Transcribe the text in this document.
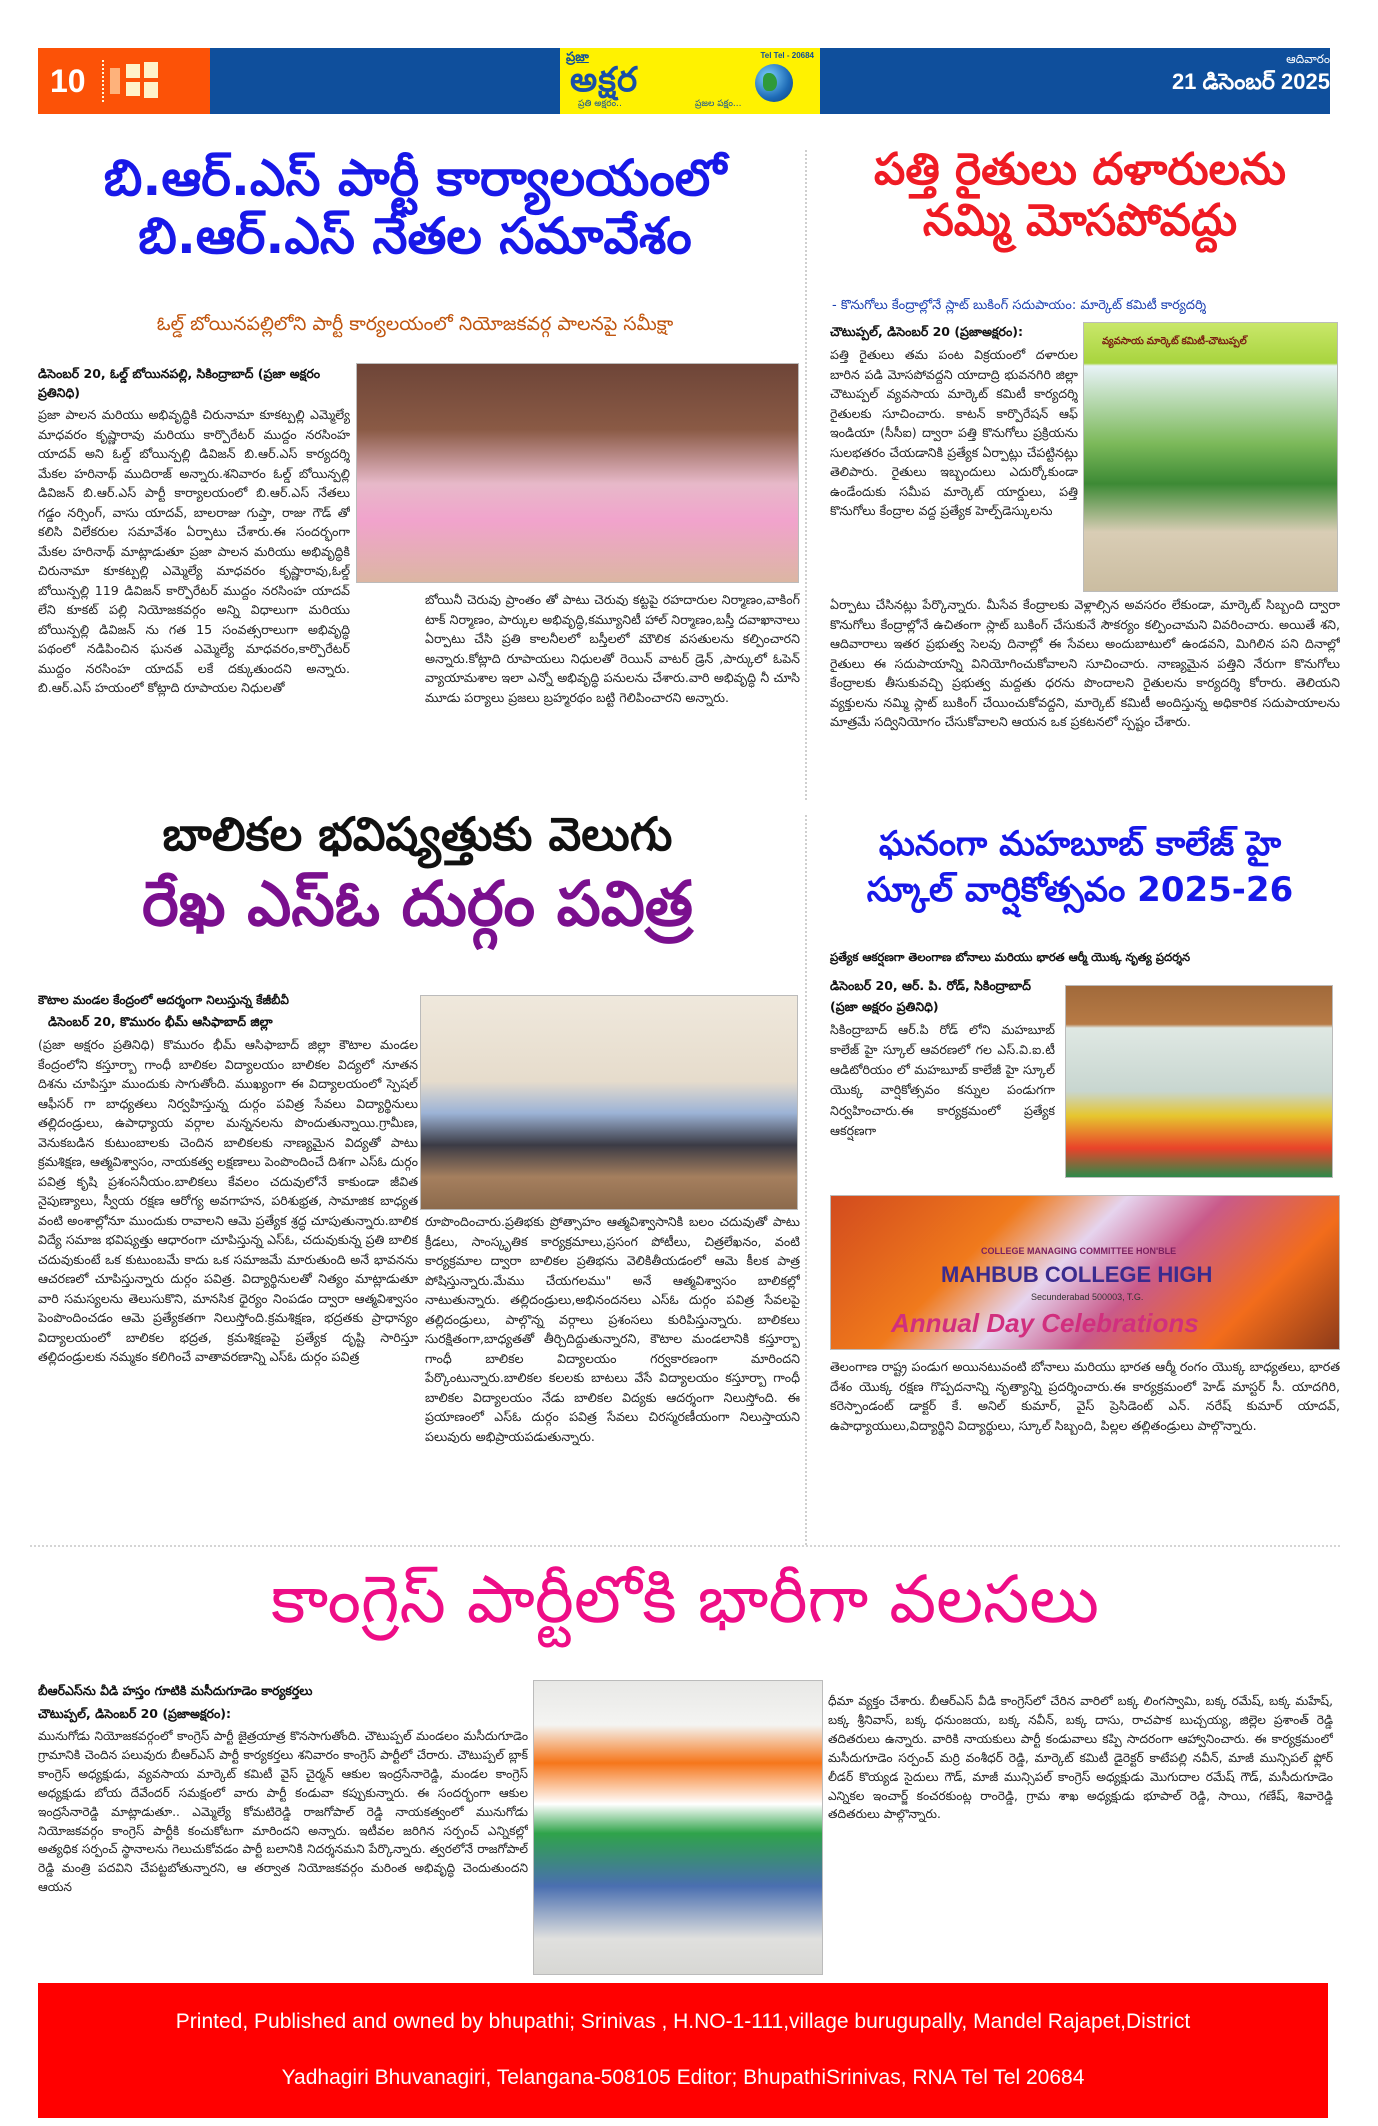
10
ప్రజా	Tel Tel - 20684
అక్షర
ప్రతి అక్షరం..	ప్రజల పక్షం...
ఆదివారం
21 డిసెంబర్ 2025
బి.ఆర్.ఎస్ పార్టీ కార్యాలయంలో
బి.ఆర్.ఎస్ నేతల సమావేశం
ఓల్డ్ బోయినపల్లిలోని పార్టీ కార్యలయంలో నియోజకవర్గ పాలనపై సమీక్షా
డిసెంబర్ 20, ఓల్డ్ బోయినపల్లి, సికింద్రాబాద్ (ప్రజా అక్షరం ప్రతినిధి)
ప్రజా పాలన మరియు అభివృద్ధికి చిరునామా కూకట్పల్లి ఎమ్మెల్యే మాధవరం కృష్ణారావు మరియు కార్పొరేటర్ ముద్దం నరసింహ యాదవ్ అని ఓల్డ్ బోయిన్పల్లి డివిజన్ బి.ఆర్.ఎస్ కార్యదర్శి మేకల హరినాథ్ ముదిరాజ్ అన్నారు.శనివారం ఓల్డ్ బోయిన్పల్లి డివిజన్ బి.ఆర్.ఎస్ పార్టీ కార్యాలయంలో బి.ఆర్.ఎస్ నేతలు గడ్డం నర్సింగ్, వాసు యాదవ్, బాలరాజు గుప్తా, రాజు గౌడ్ తో కలిసి విలేకరుల సమావేశం ఏర్పాటు చేశారు.ఈ సందర్భంగా మేకల హరినాథ్ మాట్లాడుతూ ప్రజా పాలన మరియు అభివృద్ధికి చిరునామా కూకట్పల్లి ఎమ్మెల్యే మాధవరం కృష్ణారావు,ఓల్డ్ బోయిన్పల్లి 119 డివిజన్ కార్పొరేటర్ ముద్దం నరసింహ యాదవ్ లేని కూకట్ పల్లి నియోజకవర్గం అన్ని విధాలుగా మరియు బోయిన్పల్లి డివిజన్ ను గత 15 సంవత్సరాలుగా అభివృద్ధి పథంలో నడిపించిన ఘనత ఎమ్మెల్యే మాధవరం,కార్పొరేటర్ ముద్దం నరసింహ యాదవ్ లకే దక్కుతుందని అన్నారు. బి.ఆర్.ఎస్ హయంలో కోట్లాది రూపాయల నిధులతో
బోయినీ చెరువు ప్రాంతం తో పాటు చెరువు కట్టపై రహదారుల నిర్మాణం,వాకింగ్ టాక్ నిర్మాణం, పార్కుల అభివృద్ధి,కమ్యూనిటీ హాల్ నిర్మాణం,బస్తీ దవాఖానాలు ఏర్పాటు చేసి ప్రతి కాలనీలలో బస్తీలలో మౌలిక వసతులను కల్పించారని అన్నారు.కోట్లాది రూపాయలు నిధులతో రెయిన్ వాటర్ డ్రెన్ ,పార్కులో ఓపెన్ వ్యాయామశాల ఇలా ఎన్నో అభివృద్ధి పనులను చేశారు.వారి అభివృద్ధి నీ చూసి మూడు పర్యాలు ప్రజలు బ్రహ్మరథం బట్టి గెలిపించారని అన్నారు.
పత్తి రైతులు దళారులను
నమ్మి మోసపోవద్దు
- కొనుగోలు కేంద్రాల్లోనే స్లాట్ బుకింగ్ సదుపాయం: మార్కెట్ కమిటీ కార్యదర్శి
చౌటుప్పల్, డిసెంబర్ 20 (ప్రజాఅక్షరం):
పత్తి రైతులు తమ పంట విక్రయంలో దళారుల బారిన పడి మోసపోవద్దని యాదాద్రి భువనగిరి జిల్లా చౌటుప్పల్ వ్యవసాయ మార్కెట్ కమిటీ కార్యదర్శి రైతులకు సూచించారు. కాటన్ కార్పొరేషన్ ఆఫ్ ఇండియా (సీసీఐ) ద్వారా పత్తి కొనుగోలు ప్రక్రియను సులభతరం చేయడానికి ప్రత్యేక ఏర్పాట్లు చేపట్టినట్లు తెలిపారు. రైతులు ఇబ్బందులు ఎదుర్కోకుండా ఉండేందుకు సమీప మార్కెట్ యార్డులు, పత్తి కొనుగోలు కేంద్రాల వద్ద ప్రత్యేక హెల్ప్‌డెస్కులను
వ్యవసాయ మార్కెట్ కమిటీ-చౌటుప్పల్
ఏర్పాటు చేసినట్లు పేర్కొన్నారు. మీసేవ కేంద్రాలకు వెళ్లాల్సిన అవసరం లేకుండా, మార్కెట్ సిబ్బంది ద్వారా కొనుగోలు కేంద్రాల్లోనే ఉచితంగా స్లాట్ బుకింగ్ చేసుకునే సౌకర్యం కల్పించామని వివరించారు. అయితే శని, ఆదివారాలు ఇతర ప్రభుత్వ సెలవు దినాల్లో ఈ సేవలు అందుబాటులో ఉండవని, మిగిలిన పని దినాల్లో రైతులు ఈ సదుపాయాన్ని వినియోగించుకోవాలని సూచించారు. నాణ్యమైన పత్తిని నేరుగా కొనుగోలు కేంద్రాలకు తీసుకువచ్చి ప్రభుత్వ మద్దతు ధరను పొందాలని రైతులను కార్యదర్శి కోరారు. తెలియని వ్యక్తులను నమ్మి స్లాట్ బుకింగ్ చేయించుకోవద్దని, మార్కెట్ కమిటీ అందిస్తున్న అధికారిక సదుపాయాలను మాత్రమే సద్వినియోగం చేసుకోవాలని ఆయన ఒక ప్రకటనలో స్పష్టం చేశారు.
బాలికల భవిష్యత్తుకు వెలుగు
రేఖ ఎస్ఓ దుర్గం పవిత్ర
కౌటాల మండల కేంద్రంలో ఆదర్శంగా నిలుస్తున్న కేజీబీవీ
డిసెంబర్ 20, కొమురం భీమ్ ఆసిఫాబాద్ జిల్లా
(ప్రజా అక్షరం ప్రతినిధి) కొమురం భీమ్ ఆసిఫాబాద్ జిల్లా కౌటాల మండల కేంద్రంలోని కస్తూర్బా గాంధీ బాలికల విద్యాలయం బాలికల విద్యలో నూతన దిశను చూపిస్తూ ముందుకు సాగుతోంది. ముఖ్యంగా ఈ విద్యాలయంలో స్పెషల్ ఆఫీసర్ గా బాధ్యతలు నిర్వహిస్తున్న దుర్గం పవిత్ర సేవలు విద్యార్థినులు తల్లిదండ్రులు, ఉపాధ్యాయ వర్గాల మన్ననలను పొందుతున్నాయి.గ్రామీణ, వెనుకబడిన కుటుంబాలకు చెందిన బాలికలకు నాణ్యమైన విద్యతో పాటు క్రమశిక్షణ, ఆత్మవిశ్వాసం, నాయకత్వ లక్షణాలు పెంపొందించే దిశగా ఎస్ఓ దుర్గం పవిత్ర కృషి ప్రశంసనీయం.బాలికలు కేవలం చదువులోనే కాకుండా జీవిత నైపుణ్యాలు, స్వీయ రక్షణ ఆరోగ్య అవగాహన, పరిశుభ్రత, సామాజిక బాధ్యత వంటి అంశాల్లోనూ ముందుకు రావాలని ఆమె ప్రత్యేక శ్రద్ధ చూపుతున్నారు.బాలిక విద్యే సమాజ భవిష్యత్తు ఆధారంగా చూపిస్తున్న ఎస్ఓ, చదువుకున్న ప్రతి బాలిక చదువుకుంటే ఒక కుటుంబమే కాదు ఒక సమాజమే మారుతుంది అనే భావనను ఆచరణలో చూపిస్తున్నారు దుర్గం పవిత్ర. విద్యార్థినులతో నిత్యం మాట్లాడుతూ వారి సమస్యలను తెలుసుకొని, మానసిక ధైర్యం నింపడం ద్వారా ఆత్మవిశ్వాసం పెంపొందించడం ఆమె ప్రత్యేకతగా నిలుస్తోంది.క్రమశిక్షణ, భద్రతకు ప్రాధాన్యం విద్యాలయంలో బాలికల భద్రత, క్రమశిక్షణపై ప్రత్యేక దృష్టి సారిస్తూ తల్లిదండ్రులకు నమ్మకం కలిగించే వాతావరణాన్ని ఎస్ఓ దుర్గం పవిత్ర
రూపొందించారు.ప్రతిభకు ప్రోత్సాహం ఆత్మవిశ్వాసానికి బలం చదువుతో పాటు క్రీడలు, సాంస్కృతిక కార్యక్రమాలు,ప్రసంగ పోటీలు, చిత్రలేఖనం, వంటి కార్యక్రమాల ద్వారా బాలికల ప్రతిభను వెలికితీయడంలో ఆమె కీలక పాత్ర పోషిస్తున్నారు.మేము చేయగలము" అనే ఆత్మవిశ్వాసం బాలికల్లో నాటుతున్నారు. తల్లిదండ్రులు,అభినందనలు ఎస్ఓ దుర్గం పవిత్ర సేవలపై తల్లిదండ్రులు, పాల్గొన్న వర్గాలు ప్రశంసలు కురిపిస్తున్నారు. బాలికలు సురక్షితంగా,బాధ్యతతో తీర్చిదిద్దుతున్నారని, కౌటాల మండలానికి కస్తూర్బా గాంధీ బాలికల విద్యాలయం గర్వకారణంగా మారిందని పేర్కొంటున్నారు.బాలికల కలలకు బాటలు వేసే విద్యాలయం కస్తూర్బా గాంధీ బాలికల విద్యాలయం నేడు బాలికల విద్యకు ఆదర్శంగా నిలుస్తోంది. ఈ ప్రయాణంలో ఎస్ఓ దుర్గం పవిత్ర సేవలు చిరస్మరణీయంగా నిలుస్తాయని పలువురు అభిప్రాయపడుతున్నారు.
ఘనంగా మహబూబ్ కాలేజ్ హై
స్కూల్ వార్షికోత్సవం 2025-26
ప్రత్యేక ఆకర్షణగా తెలంగాణ బోనాలు మరియు భారత ఆర్మీ యొక్క నృత్య ప్రదర్శన
డిసెంబర్ 20, ఆర్. పి. రోడ్, సికింద్రాబాద్ (ప్రజా అక్షరం ప్రతినిధి)
సికింద్రాబాద్ ఆర్.పి రోడ్ లోని మహబూబ్ కాలేజ్ హై స్కూల్ ఆవరణలో గల ఎస్.వి.ఐ.టీ ఆడిటోరియం లో మహబూబ్ కాలేజీ హై స్కూల్ యొక్క వార్షికోత్సవం కన్నుల పండుగగా నిర్వహించారు.ఈ కార్యక్రమంలో ప్రత్యేక ఆకర్షణగా
COLLEGE MANAGING COMMITTEE HON'BLE
MAHBUB COLLEGE HIGH
Secunderabad 500003, T.G.
Annual Day Celebrations
తెలంగాణ రాష్ట్ర పండుగ అయినటువంటి బోనాలు మరియు భారత ఆర్మీ రంగం యొక్క బాధ్యతలు, భారత దేశం యొక్క రక్షణ గొప్పదనాన్ని నృత్యాన్ని ప్రదర్శించారు.ఈ కార్యక్రమంలో హెడ్ మాస్టర్ సీ. యాదగిరి, కరెస్పాండంట్ డాక్టర్ కే. అనిల్ కుమార్, వైస్ ప్రెసిడెంట్ ఎన్. నరేష్ కుమార్ యాదవ్, ఉపాధ్యాయులు,విద్యార్థిని విద్యార్థులు, స్కూల్ సిబ్బంది, పిల్లల తల్లితండ్రులు పాల్గొన్నారు.
కాంగ్రెస్ పార్టీలోకి భారీగా వలసలు
బీఆర్ఎస్‌ను వీడి హస్తం గూటికి మసీదుగూడెం కార్యకర్తలు
చౌటుప్పల్, డిసెంబర్ 20 (ప్రజాఅక్షరం):
మునుగోడు నియోజకవర్గంలో కాంగ్రెస్ పార్టీ జైత్రయాత్ర కొనసాగుతోంది. చౌటుప్పల్ మండలం మసీదుగూడెం గ్రామానికి చెందిన పలువురు బీఆర్ఎస్ పార్టీ కార్యకర్తలు శనివారం కాంగ్రెస్ పార్టీలో చేరారు. చౌటుప్పల్ బ్లాక్ కాంగ్రెస్ అధ్యక్షుడు, వ్యవసాయ మార్కెట్ కమిటీ వైస్ చైర్మన్ ఆకుల ఇంద్రసేనారెడ్డి, మండల కాంగ్రెస్ అధ్యక్షుడు బోయ దేవేందర్ సమక్షంలో వారు పార్టీ కండువా కప్పుకున్నారు. ఈ సందర్భంగా ఆకుల ఇంద్రసేనారెడ్డి మాట్లాడుతూ.. ఎమ్మెల్యే కోమటిరెడ్డి రాజగోపాల్ రెడ్డి నాయకత్వంలో మునుగోడు నియోజకవర్గం కాంగ్రెస్ పార్టీకి కంచుకోటగా మారిందని అన్నారు. ఇటీవల జరిగిన సర్పంచ్ ఎన్నికల్లో అత్యధిక సర్పంచ్ స్థానాలను గెలుచుకోవడం పార్టీ బలానికి నిదర్శనమని పేర్కొన్నారు. త్వరలోనే రాజగోపాల్ రెడ్డి మంత్రి పదవిని చేపట్టబోతున్నారని, ఆ తర్వాత నియోజకవర్గం మరింత అభివృద్ధి చెందుతుందని ఆయన
ధీమా వ్యక్తం చేశారు. బీఆర్ఎస్ వీడి కాంగ్రెస్‌లో చేరిన వారిలో బక్క లింగస్వామి, బక్క రమేష్, బక్క మహేష్, బక్క శ్రీనివాస్, బక్క ధనుంజయ, బక్క నవీన్, బక్క దాసు, రాచపాక బుచ్చయ్య, జిల్లెల ప్రశాంత్ రెడ్డి తదితరులు ఉన్నారు. వారికి నాయకులు పార్టీ కండువాలు కప్పి సాదరంగా ఆహ్వానించారు. ఈ కార్యక్రమంలో మసీదుగూడెం సర్పంచ్ మర్రి వంశీధర్ రెడ్డి, మార్కెట్ కమిటీ డైరెక్టర్ కాటేపల్లి నవీన్, మాజీ మున్సిపల్ ఫ్లోర్ లీడర్ కొయ్యడ సైదులు గౌడ్, మాజీ మున్సిపల్ కాంగ్రెస్ అధ్యక్షుడు మొగుదాల రమేష్ గౌడ్, మసీదుగూడెం ఎన్నికల ఇంచార్జ్ కంచరకుంట్ల రాంరెడ్డి, గ్రామ శాఖ అధ్యక్షుడు భూపాల్ రెడ్డి, సాయి, గణేష్, శివారెడ్డి తదితరులు పాల్గొన్నారు.

Printed, Published and owned by bhupathi; Srinivas , H.NO-1-111,village burugupally, Mandel Rajapet,District

Yadhagiri Bhuvanagiri, Telangana-508105 Editor; BhupathiSrinivas, RNA Tel Tel 20684
